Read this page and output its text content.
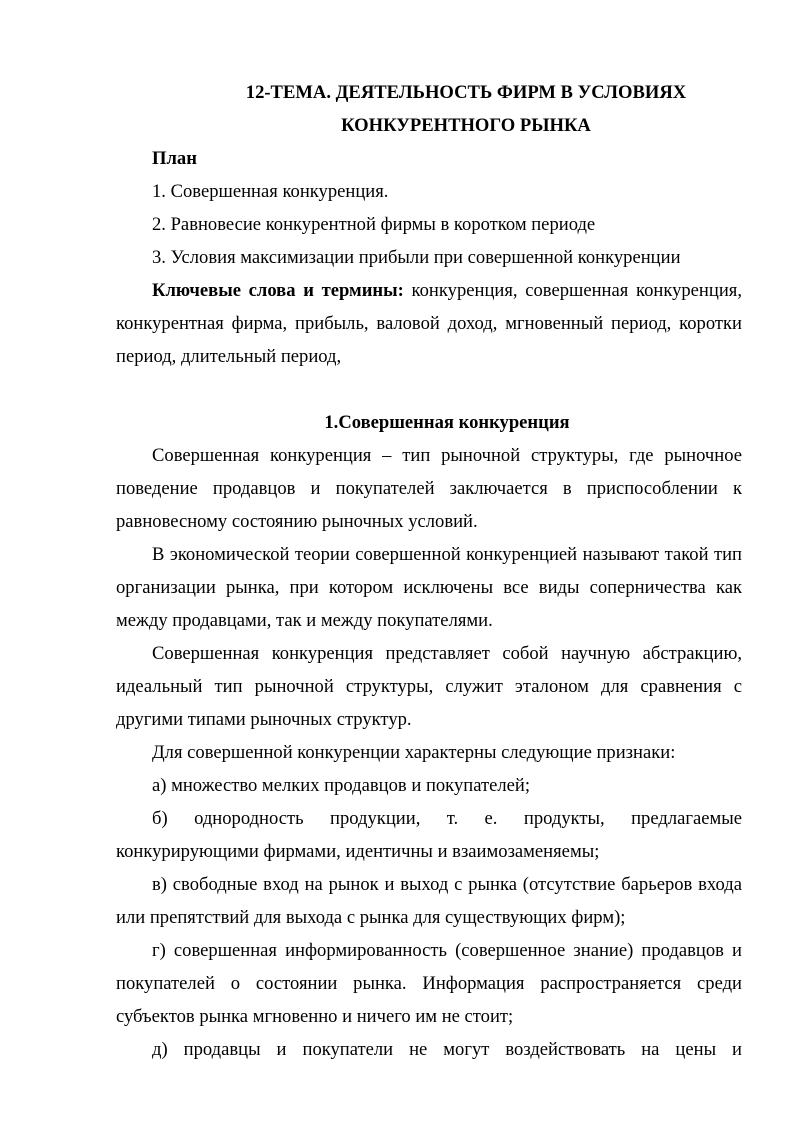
12-ТЕМА. ДЕЯТЕЛЬНОСТЬ ФИРМ В УСЛОВИЯХ

КОНКУРЕНТНОГО РЫНКА

План

1. Совершенная конкуренция.
2. Равновесие конкурентной фирмы в коротком периоде
3. Условия максимизации прибыли при совершенной конкуренции

Ключевые слова и термины: конкуренция, совершенная конкуренция, конкурентная фирма, прибыль, валовой доход, мгновенный период, коротки период, длительный период,

1.Совершенная конкуренция

Совершенная конкуренция – тип рыночной структуры, где рыночное поведение продавцов и покупателей заключается в приспособлении к равновесному состоянию рыночных условий.

В экономической теории совершенной конкуренцией называют такой тип организации рынка, при котором исключены все виды соперничества как между продавцами, так и между покупателями.

Совершенная конкуренция представляет собой научную абстракцию, идеальный тип рыночной структуры, служит эталоном для сравнения с другими типами рыночных структур.

Для совершенной конкуренции характерны следующие признаки:

а) множество мелких продавцов и покупателей;

б) однородность продукции, т. е. продукты, предлагаемые конкурирующими фирмами, идентичны и взаимозаменяемы;

в) свободные вход на рынок и выход с рынка (отсутствие барьеров входа или препятствий для выхода с рынка для существующих фирм);

г) совершенная информированность (совершенное знание) продавцов и покупателей о состоянии рынка. Информация распространяется среди субъектов рынка мгновенно и ничего им не стоит;

д) продавцы и покупатели не могут воздействовать на цены и
